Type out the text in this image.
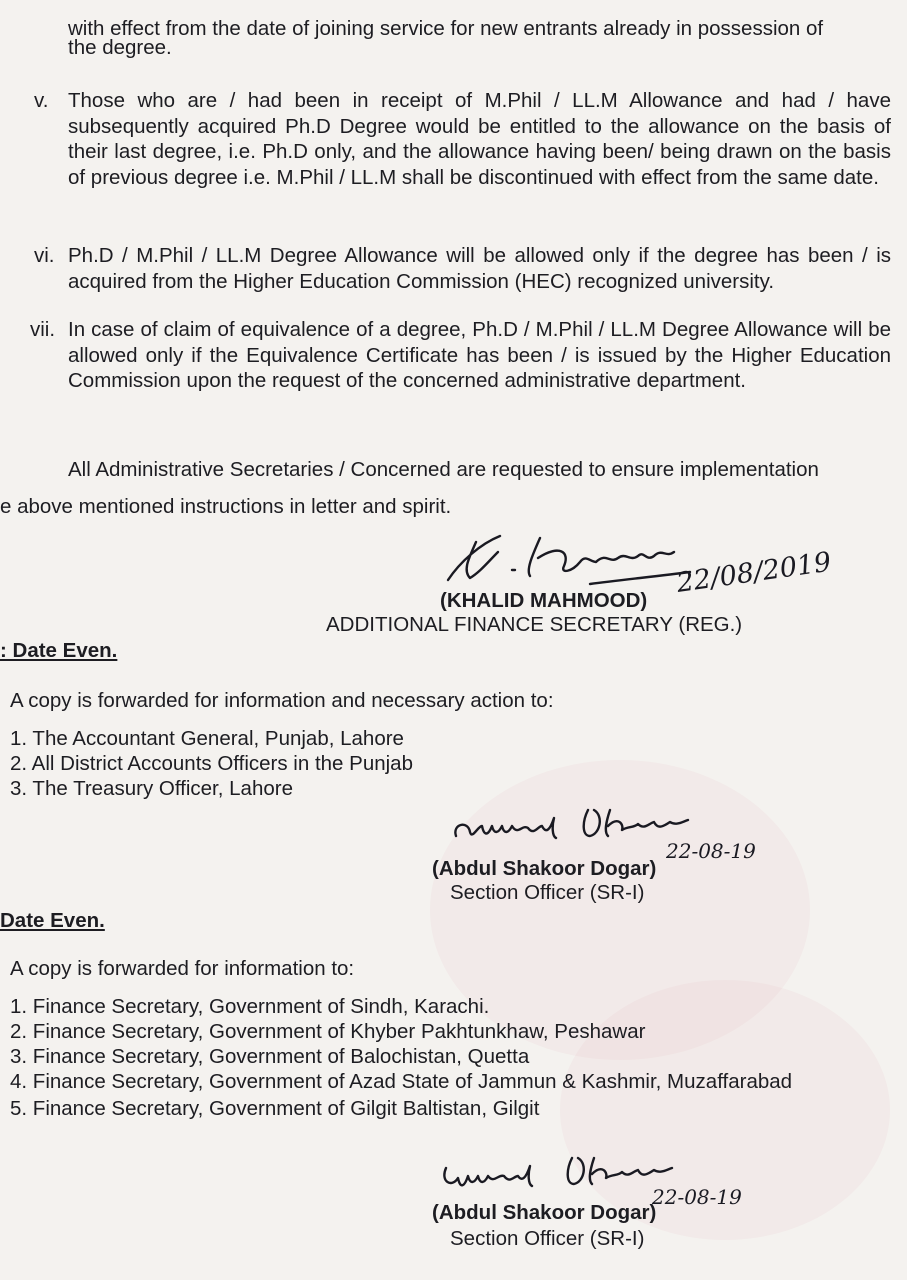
with effect from the date of joining service for new entrants already in possession of
the degree.
v. Those who are / had been in receipt of M.Phil / LL.M Allowance and had / have subsequently acquired Ph.D Degree would be entitled to the allowance on the basis of their last degree, i.e. Ph.D only, and the allowance having been/ being drawn on the basis of previous degree i.e. M.Phil / LL.M shall be discontinued with effect from the same date.
vi. Ph.D / M.Phil / LL.M Degree Allowance will be allowed only if the degree has been / is acquired from the Higher Education Commission (HEC) recognized university.
vii. In case of claim of equivalence of a degree, Ph.D / M.Phil / LL.M Degree Allowance will be allowed only if the Equivalence Certificate has been / is issued by the Higher Education Commission upon the request of the concerned administrative department.
All Administrative Secretaries / Concerned are requested to ensure implementation
e above mentioned instructions in letter and spirit.
22/08/2019
(KHALID MAHMOOD)
ADDITIONAL FINANCE SECRETARY (REG.)
: Date Even.
A copy is forwarded for information and necessary action to:
1. The Accountant General, Punjab, Lahore
2. All District Accounts Officers in the Punjab
3. The Treasury Officer, Lahore
22-08-19
(Abdul Shakoor Dogar)
Section Officer (SR-I)
Date Even.
A copy is forwarded for information to:
1. Finance Secretary, Government of Sindh, Karachi.
2. Finance Secretary, Government of Khyber Pakhtunkhaw, Peshawar
3. Finance Secretary, Government of Balochistan, Quetta
4. Finance Secretary, Government of Azad State of Jammun & Kashmir, Muzaffarabad
5. Finance Secretary, Government of Gilgit Baltistan, Gilgit
22-08-19
(Abdul Shakoor Dogar)
Section Officer (SR-I)
